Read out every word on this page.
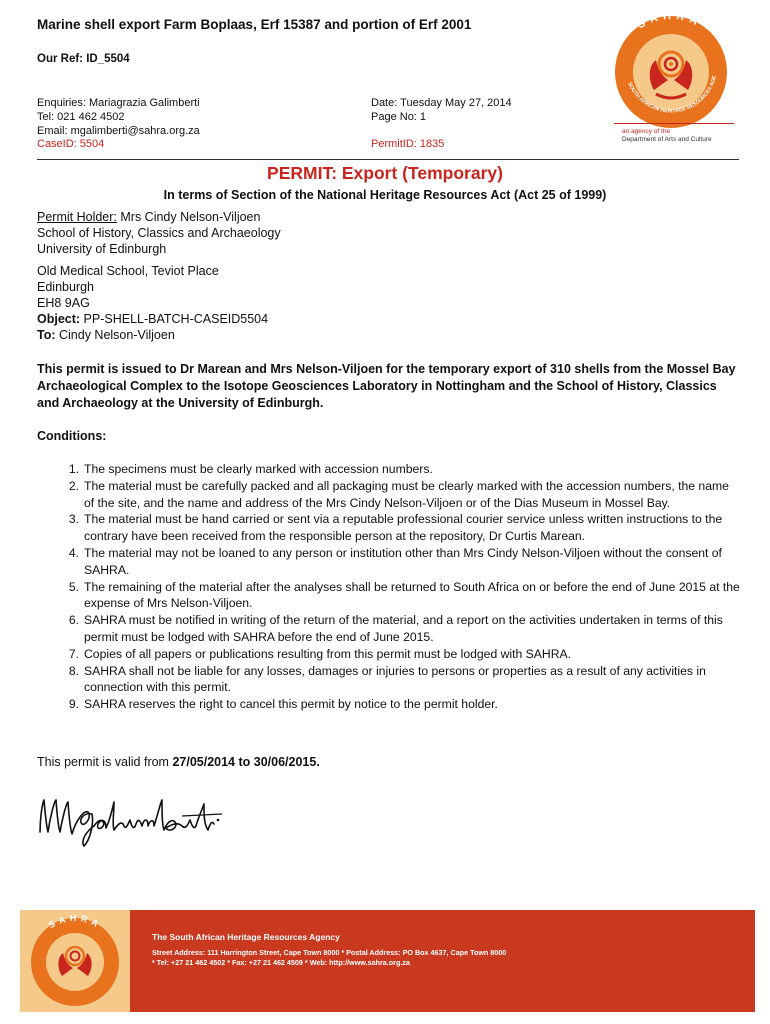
Marine shell export Farm Boplaas, Erf 15387 and portion of Erf 2001
Our Ref: ID_5504
Enquiries: Mariagrazia Galimberti
Tel: 021 462 4502
Email: mgalimberti@sahra.org.za
CaseID: 5504
Date: Tuesday May 27, 2014
Page No: 1
PermitID: 1835
SAHRA
SOUTH AFRICAN HERITAGE RESOURCES AGE
an agency of the
Department of Arts and Culture
PERMIT: Export (Temporary)
In terms of Section of the National Heritage Resources Act (Act 25 of 1999)
Permit Holder: Mrs Cindy Nelson-Viljoen
School of History, Classics and Archaeology
University of Edinburgh
Old Medical School, Teviot Place
Edinburgh
EH8 9AG
Object: PP-SHELL-BATCH-CASEID5504
To: Cindy Nelson-Viljoen
This permit is issued to Dr Marean and Mrs Nelson-Viljoen for the temporary export of 310 shells from the Mossel Bay Archaeological Complex to the Isotope Geosciences Laboratory in Nottingham and the School of History, Classics and Archaeology at the University of Edinburgh.
Conditions:
1. The specimens must be clearly marked with accession numbers.
2. The material must be carefully packed and all packaging must be clearly marked with the accession numbers, the name of the site, and the name and address of the Mrs Cindy Nelson-Viljoen or of the Dias Museum in Mossel Bay.
3. The material must be hand carried or sent via a reputable professional courier service unless written instructions to the contrary have been received from the responsible person at the repository, Dr Curtis Marean.
4. The material may not be loaned to any person or institution other than Mrs Cindy Nelson-Viljoen without the consent of SAHRA.
5. The remaining of the material after the analyses shall be returned to South Africa on or before the end of June 2015 at the expense of Mrs Nelson-Viljoen.
6. SAHRA must be notified in writing of the return of the material, and a report on the activities undertaken in terms of this permit must be lodged with SAHRA before the end of June 2015.
7. Copies of all papers or publications resulting from this permit must be lodged with SAHRA.
8. SAHRA shall not be liable for any losses, damages or injuries to persons or properties as a result of any activities in connection with this permit.
9. SAHRA reserves the right to cancel this permit by notice to the permit holder.
This permit is valid from 27/05/2014 to 30/06/2015.
SAHRA
The South African Heritage Resources Agency
Street Address: 111 Harrington Street, Cape Town 8000 * Postal Address: PO Box 4637, Cape Town 8000
* Tel: +27 21 462 4502 * Fax: +27 21 462 4509 * Web: http://www.sahra.org.za
